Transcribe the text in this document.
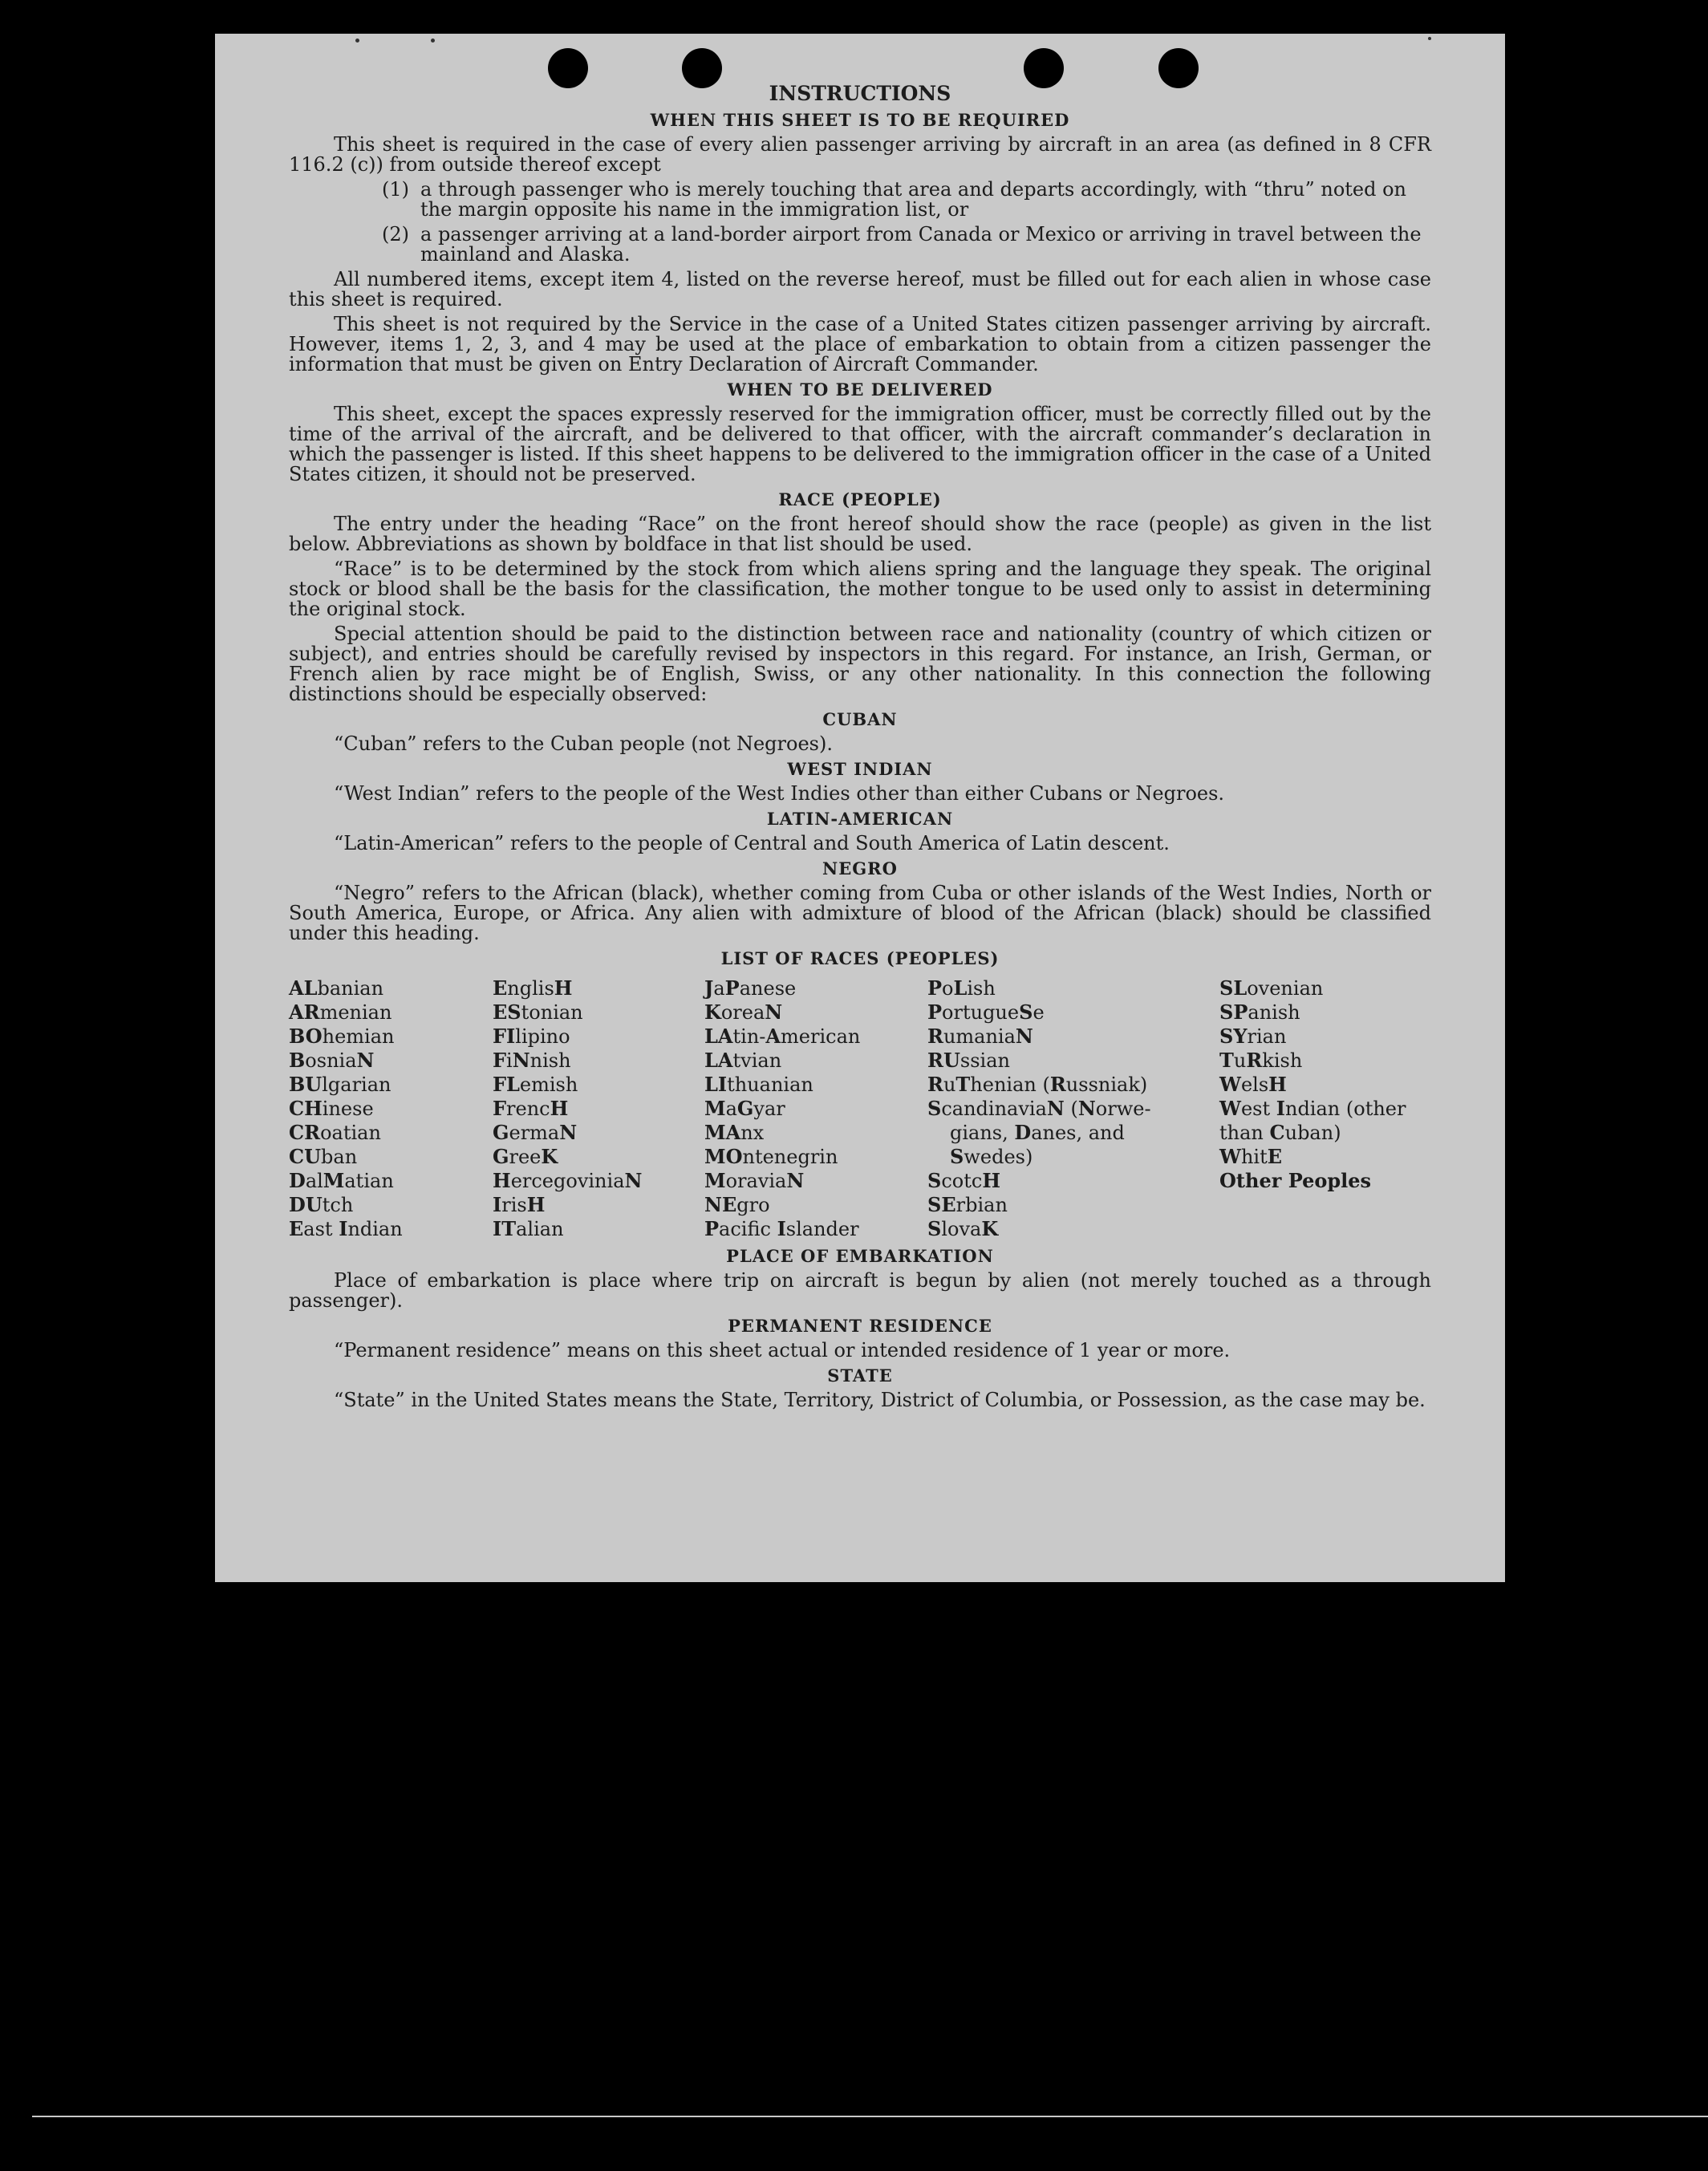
INSTRUCTIONS
WHEN THIS SHEET IS TO BE REQUIRED
This sheet is required in the case of every alien passenger arriving by aircraft in an area (as defined in 8 CFR 116.2 (c)) from outside thereof except
(1) a through passenger who is merely touching that area and departs accordingly, with “thru” noted on the margin opposite his name in the immigration list, or
(2) a passenger arriving at a land-border airport from Canada or Mexico or arriving in travel between the mainland and Alaska.
All numbered items, except item 4, listed on the reverse hereof, must be filled out for each alien in whose case this sheet is required.
This sheet is not required by the Service in the case of a United States citizen passenger arriving by aircraft. However, items 1, 2, 3, and 4 may be used at the place of embarkation to obtain from a citizen passenger the information that must be given on Entry Declaration of Aircraft Commander.
WHEN TO BE DELIVERED
This sheet, except the spaces expressly reserved for the immigration officer, must be correctly filled out by the time of the arrival of the aircraft, and be delivered to that officer, with the aircraft commander’s declaration in which the passenger is listed. If this sheet happens to be delivered to the immigration officer in the case of a United States citizen, it should not be preserved.
RACE (PEOPLE)
The entry under the heading “Race” on the front hereof should show the race (people) as given in the list below. Abbreviations as shown by boldface in that list should be used.
“Race” is to be determined by the stock from which aliens spring and the language they speak. The original stock or blood shall be the basis for the classification, the mother tongue to be used only to assist in determining the original stock.
Special attention should be paid to the distinction between race and nationality (country of which citizen or subject), and entries should be carefully revised by inspectors in this regard. For instance, an Irish, German, or French alien by race might be of English, Swiss, or any other nationality. In this connection the following distinctions should be especially observed:
CUBAN
“Cuban” refers to the Cuban people (not Negroes).
WEST INDIAN
“West Indian” refers to the people of the West Indies other than either Cubans or Negroes.
LATIN-AMERICAN
“Latin-American” refers to the people of Central and South America of Latin descent.
NEGRO
“Negro” refers to the African (black), whether coming from Cuba or other islands of the West Indies, North or South America, Europe, or Africa. Any alien with admixture of blood of the African (black) should be classified under this heading.
LIST OF RACES (PEOPLES)
ALbanian
ARmenian
BOhemian
BosniaN
BUlgarian
CHinese
CRoatian
CUban
DalMatian
DUtch
East Indian
EnglisH
EStonian
FIlipino
FiNnish
FLemish
FrencH
GermaN
GreeK
HercegoviniaN
IrisH
ITalian
JaPanese
KoreaN
LAtin-American
LAtvian
LIthuanian
MaGyar
MAnx
MOntenegrin
MoraviaN
NEgro
Pacific Islander
PoLish
PortugueSe
RumaniaN
RUssian
RuThenian (Russniak)
ScandinaviaN (Norwe-
gians, Danes, and
Swedes)
ScotcH
SErbian
SlovaK
SLovenian
SPanish
SYrian
TuRkish
WelsH
West Indian (other
than Cuban)
WhitE
Other Peoples
PLACE OF EMBARKATION
Place of embarkation is place where trip on aircraft is begun by alien (not merely touched as a through passenger).
PERMANENT RESIDENCE
“Permanent residence” means on this sheet actual or intended residence of 1 year or more.
STATE
“State” in the United States means the State, Territory, District of Columbia, or Possession, as the case may be.
